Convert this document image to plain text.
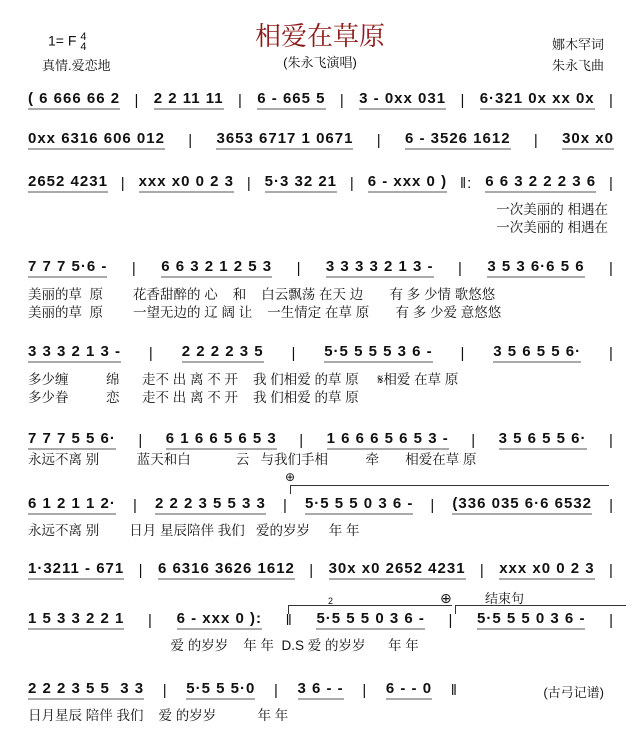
相爱在草原
(朱永飞演唱)
1= F 4
4
真情.爱恋地
娜木罕词
朱永飞曲
⊕
⊕
2	结束句
(古弓记谱)
( 6 666 66 2 | 2 2 11 11 | 6 - 665 5 | 3 - 0xx 031 | 6·321 0x xx 0x |
0xx 6316 606 012 | 3653 6717 1 0671 | 6 - 3526 1612 | 30x x0
2652 4231 | xxx x0 0 2 3 | 5·3 32 21 | 6 - xxx 0 ) ‖: 6 6 3 2 2 2 3 6 |
一次美丽的 相遇在
一次美丽的 相遇在
7 7 7 5·6 - | 6 6 3 2 1 2 5 3 | 3 3 3 3 2 1 3 - | 3 5 3 6·6 5 6 |
美丽的草  原        花香甜醉的 心    和    白云飘荡 在天 边       有 多 少情 歌悠悠
美丽的草  原        一望无边的 辽 阔 让    一生情定 在草 原       有 多 少爱 意悠悠
3 3 3 2 1 3 - | 2 2 2 2 3 5 | 5·5 5 5 5 3 6 - | 3 5 6 5 5 6· |
多少缠          绵      走不 出 离 不 开    我 们相爱 的草 原     𝄋相爱 在草 原
多少眷          恋      走不 出 离 不 开    我 们相爱 的草 原
7 7 7 5 5 6· | 6 1 6 6 5 6 5 3 | 1 6 6 6 5 6 5 3 - | 3 5 6 5 5 6· |
永远不离 别          蓝天和白            云   与我们手相          牵       相爱在草 原
6 1 2 1 1 2· | 2 2 2 3 5 5 3 3 | 5·5 5 5 0 3 6 - | (336 035 6·6 6532 |
永远不离 别        日月 星辰陪伴 我们   爱的岁岁     年 年
1·3211 - 671 | 6 6316 3626 1612 | 30x x0 2652 4231 | xxx x0 0 2 3 |
1 5 3 3 2 2 1 | 6 - xxx 0 ): ‖ 5·5 5 5 0 3 6 - | 5·5 5 5 0 3 6 - |
爱 的岁岁    年 年  D.S 爱 的岁岁      年 年
2 2 2 3 5 5  3 3 | 5·5 5 5·0 | 3 6 - - | 6 - - 0 ‖
日月星辰 陪伴 我们    爱 的岁岁           年 年
